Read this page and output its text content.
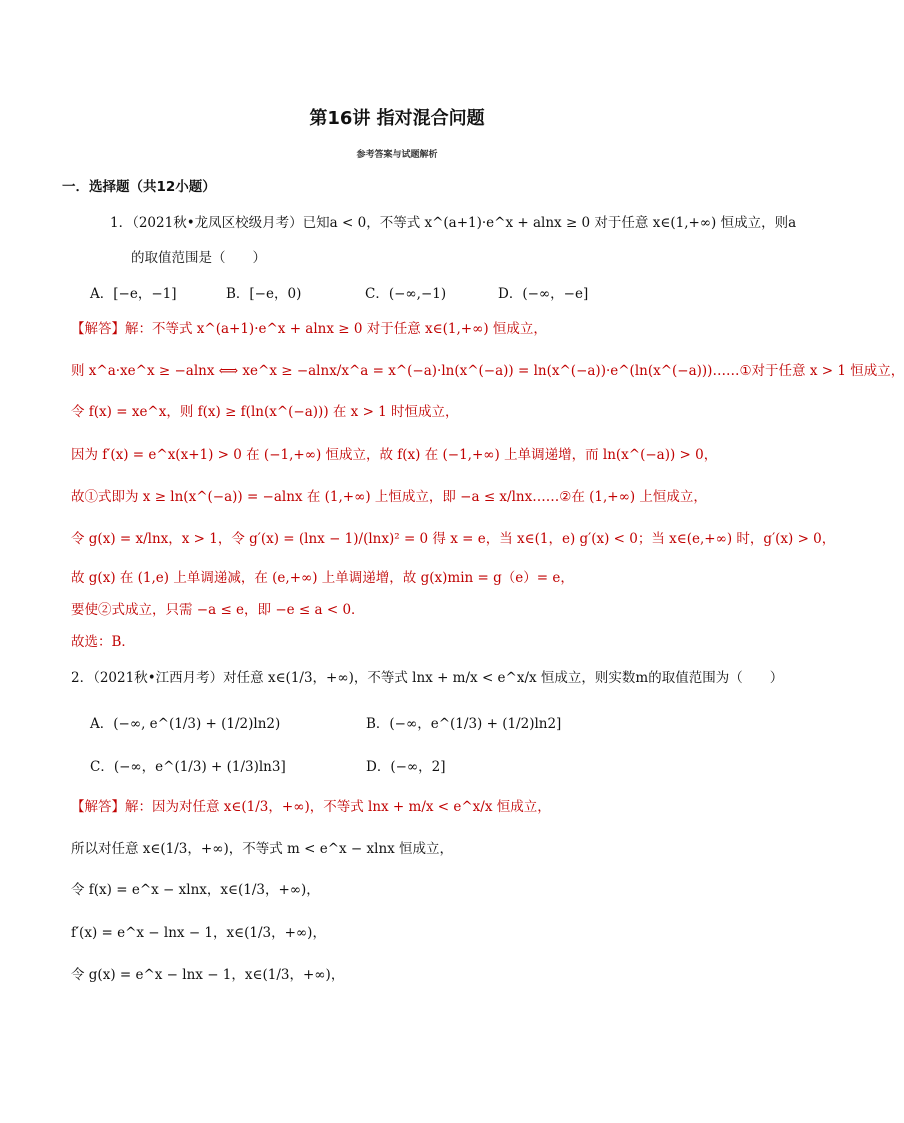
第16讲 指对混合问题
参考答案与试题解析
一．选择题（共12小题）
1．（2021秋•龙凤区校级月考）已知a < 0，不等式 x^(a+1)·e^x + alnx ≥ 0 对于任意 x∈(1,+∞) 恒成立，则a
的取值范围是（　　）
A．[−e，−1]	B．[−e，0)	C．(−∞,−1)	D．(−∞，−e]
【解答】解：不等式 x^(a+1)·e^x + alnx ≥ 0 对于任意 x∈(1,+∞) 恒成立，
则 x^a·xe^x ≥ −alnx ⟺ xe^x ≥ −alnx/x^a = x^(−a)·ln(x^(−a)) = ln(x^(−a))·e^(ln(x^(−a)))……①对于任意 x > 1 恒成立，
令 f(x) = xe^x，则 f(x) ≥ f(ln(x^(−a))) 在 x > 1 时恒成立，
因为 f′(x) = e^x(x+1) > 0 在 (−1,+∞) 恒成立，故 f(x) 在 (−1,+∞) 上单调递增，而 ln(x^(−a)) > 0，
故①式即为 x ≥ ln(x^(−a)) = −alnx 在 (1,+∞) 上恒成立，即 −a ≤ x/lnx……②在 (1,+∞) 上恒成立，
令 g(x) = x/lnx，x > 1，令 g′(x) = (lnx − 1)/(lnx)² = 0 得 x = e，当 x∈(1，e) g′(x) < 0；当 x∈(e,+∞) 时，g′(x) > 0，
故 g(x) 在 (1,e) 上单调递减，在 (e,+∞) 上单调递增，故 g(x)min = g（e）= e，
要使②式成立，只需 −a ≤ e，即 −e ≤ a < 0．
故选：B．
2．（2021秋•江西月考）对任意 x∈(1/3，+∞)，不等式 lnx + m/x < e^x/x 恒成立，则实数m的取值范围为（　　）
A．(−∞, e^(1/3) + (1/2)ln2)	B．(−∞，e^(1/3) + (1/2)ln2]
C．(−∞，e^(1/3) + (1/3)ln3]	D．(−∞，2]
【解答】解：因为对任意 x∈(1/3，+∞)，不等式 lnx + m/x < e^x/x 恒成立，
所以对任意 x∈(1/3，+∞)，不等式 m < e^x − xlnx 恒成立，
令 f(x) = e^x − xlnx，x∈(1/3，+∞)，
f′(x) = e^x − lnx − 1，x∈(1/3，+∞)，
令 g(x) = e^x − lnx − 1，x∈(1/3，+∞)，
